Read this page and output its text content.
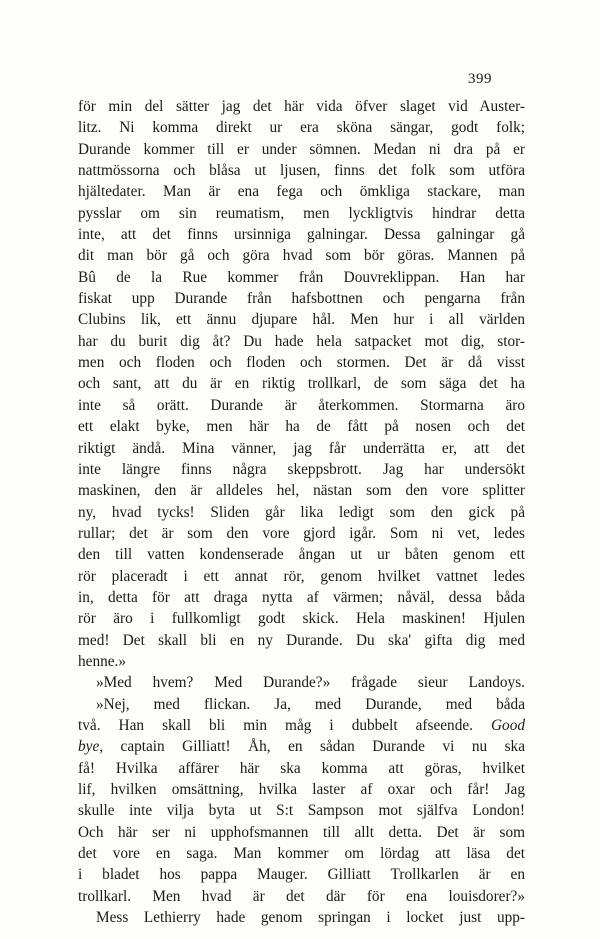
399
för min del sätter jag det här vida öfver slaget vid Auster-
litz. Ni komma direkt ur era sköna sängar, godt folk;
Durande kommer till er under sömnen. Medan ni dra på er
nattmössorna och blåsa ut ljusen, finns det folk som utföra
hjältedater. Man är ena fega och ömkliga stackare, man
pysslar om sin reumatism, men lyckligtvis hindrar detta
inte, att det finns ursinniga galningar. Dessa galningar gå
dit man bör gå och göra hvad som bör göras. Mannen på
Bû de la Rue kommer från Douvreklippan. Han har
fiskat upp Durande från hafsbottnen och pengarna från
Clubins lik, ett ännu djupare hål. Men hur i all världen
har du burit dig åt? Du hade hela satpacket mot dig, stor-
men och floden och floden och stormen. Det är då visst
och sant, att du är en riktig trollkarl, de som säga det ha
inte så orätt. Durande är återkommen. Stormarna äro
ett elakt byke, men här ha de fått på nosen och det
riktigt ändå. Mina vänner, jag får underrätta er, att det
inte längre finns några skeppsbrott. Jag har undersökt
maskinen, den är alldeles hel, nästan som den vore splitter
ny, hvad tycks! Sliden går lika ledigt som den gick på
rullar; det är som den vore gjord igår. Som ni vet, ledes
den till vatten kondenserade ångan ut ur båten genom ett
rör placeradt i ett annat rör, genom hvilket vattnet ledes
in, detta för att draga nytta af värmen; nåväl, dessa båda
rör äro i fullkomligt godt skick. Hela maskinen! Hjulen
med! Det skall bli en ny Durande. Du ska' gifta dig med
henne.»
»Med hvem? Med Durande?» frågade sieur Landoys.
»Nej, med flickan. Ja, med Durande, med båda
två. Han skall bli min måg i dubbelt afseende. Good
bye, captain Gilliatt! Åh, en sådan Durande vi nu ska
få! Hvilka affärer här ska komma att göras, hvilket
lif, hvilken omsättning, hvilka laster af oxar och får! Jag
skulle inte vilja byta ut S:t Sampson mot själfva London!
Och här ser ni upphofsmannen till allt detta. Det är som
det vore en saga. Man kommer om lördag att läsa det
i bladet hos pappa Mauger. Gilliatt Trollkarlen är en
trollkarl. Men hvad är det där för ena louisdorer?»
Mess Lethierry hade genom springan i locket just upp-
